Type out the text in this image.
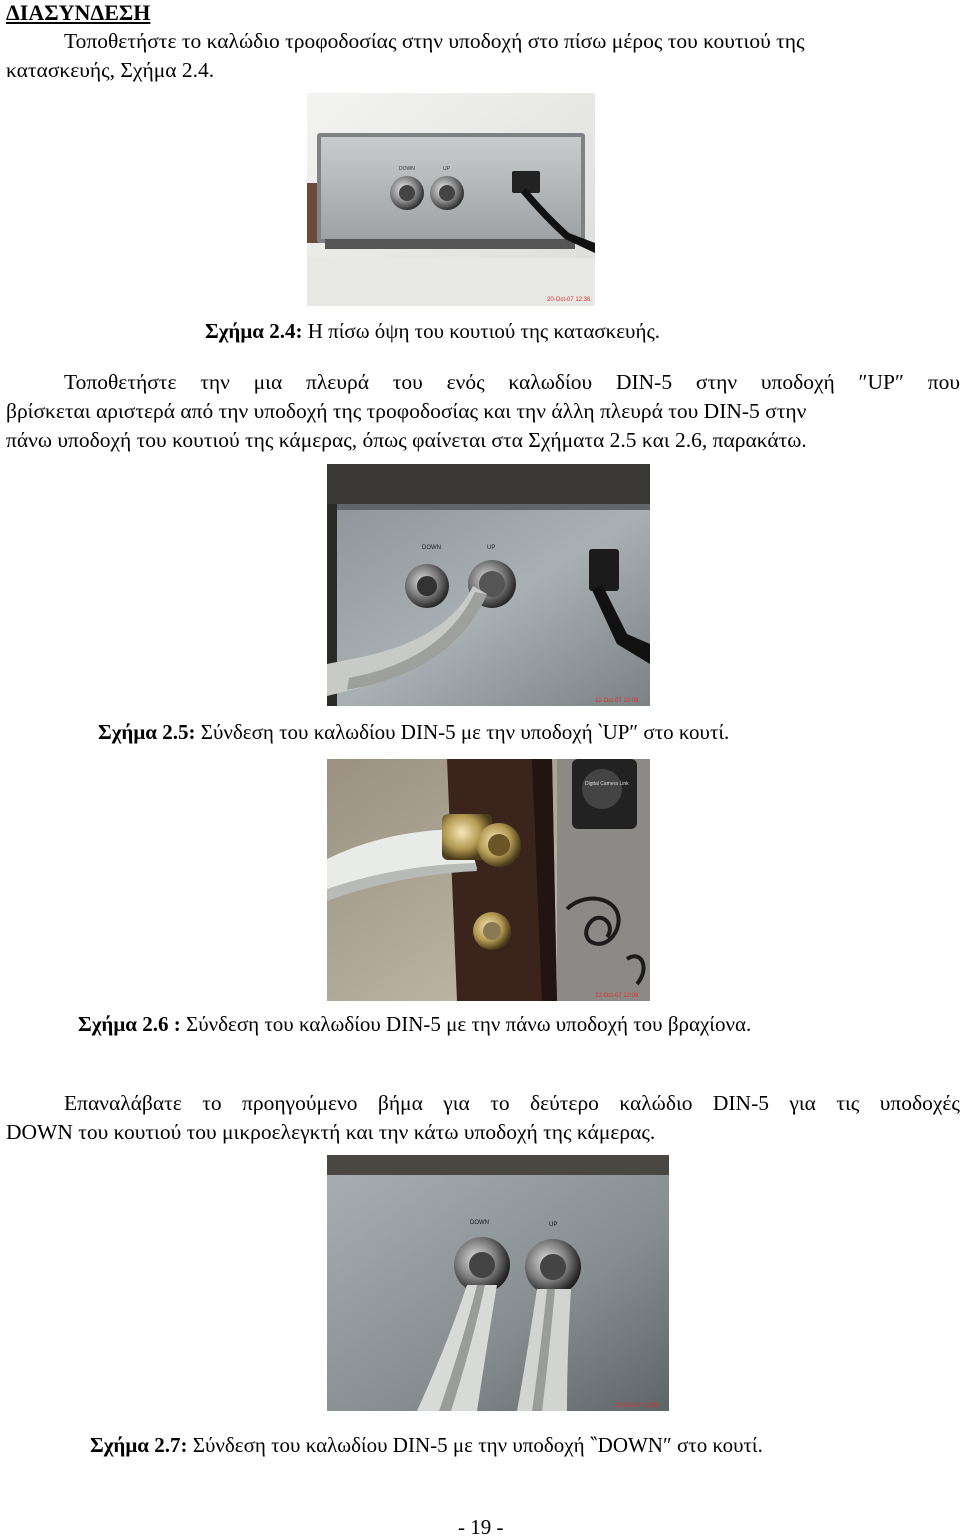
ΔΙΑΣΥΝΔΕΣΗ
Τοποθετήστε το καλώδιο τροφοδοσίας στην υποδοχή στο πίσω μέρος του κουτιού της
κατασκευής, Σχήμα 2.4.
DOWN	UP
20-Oct-07 12:36
Σχήμα 2.4: Η πίσω όψη του κουτιού της κατασκευής.
Τοποθετήστε την μια πλευρά του ενός καλωδίου DIN-5 στην υποδοχή ″UP″ που
βρίσκεται αριστερά από την υποδοχή της τροφοδοσίας και την άλλη πλευρά του DIN-5 στην
πάνω υποδοχή του κουτιού της κάμερας, όπως φαίνεται στα Σχήματα 2.5 και 2.6, παρακάτω.
DOWN	UP
22-Oct-07 12:08
Σχήμα 2.5: Σύνδεση του καλωδίου DIN-5 με την υποδοχή ‵UP″ στο κουτί.
Digital Camera Link
22-Oct-07 12:09
Σχήμα 2.6 : Σύνδεση του καλωδίου DIN-5 με την πάνω υποδοχή του βραχίονα.
Επαναλάβατε το προηγούμενο βήμα για το δεύτερο καλώδιο DIN-5 για τις υποδοχές
DOWN του κουτιού του μικροελεγκτή και την κάτω υποδοχή της κάμερας.
DOWN	UP
22-Oct-07 12:08
Σχήμα 2.7: Σύνδεση του καλωδίου DIN-5 με την υποδοχή ‶DOWN″ στο κουτί.
- 19 -
